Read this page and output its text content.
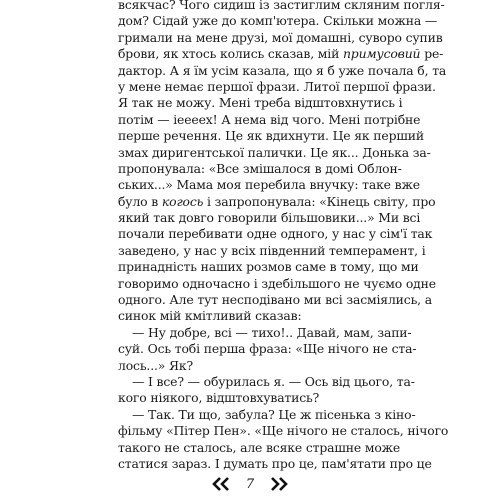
всякчас? Чого сидиш із застиглим скляним погля-
дом? Сідай уже до комп'ютера. Скільки можна —
гримали на мене друзі, мої домашні, суворо супив
брови, як хтось колись сказав, мій примусовий ре-
дактор. А я їм усім казала, що я б уже почала б, та
у мене немає першої фрази. Литої першої фрази.
Я так не можу. Мені треба відштовхнутись і
потім — іеееех! А нема від чого. Мені потрібне
перше речення. Це як вдихнути. Це як перший
змах диригентської палички. Це як... Донька за-
пропонувала: «Все змішалося в домі Облон-
ських...» Мама моя перебила внучку: таке вже
було в когось і запропонувала: «Кінець світу, про
який так довго говорили більшовики...» Ми всі
почали перебивати одне одного, у нас у сім'ї так
заведено, у нас у всіх південний темперамент, і
принадність наших розмов саме в тому, що ми
говоримо одночасно і здебільшого не чуємо одне
одного. Але тут несподівано ми всі засміялись, а
синок мій кмітливий сказав:
— Ну добре, всі — тихо!.. Давай, мам, запи-
суй. Ось тобі перша фраза: «Ще нічого не ста-
лось...» Як?
— І все? — обурилась я. — Ось від цього, та-
кого ніякого, відштовхуватись?
— Так. Ти що, забула? Це ж пісенька з кіно-
фільму «Пітер Пен». «Ще нічого не сталось, нічого
такого не сталось, але всяке страшне може
статися зараз. І думать про це, пам'ятати про це
7
